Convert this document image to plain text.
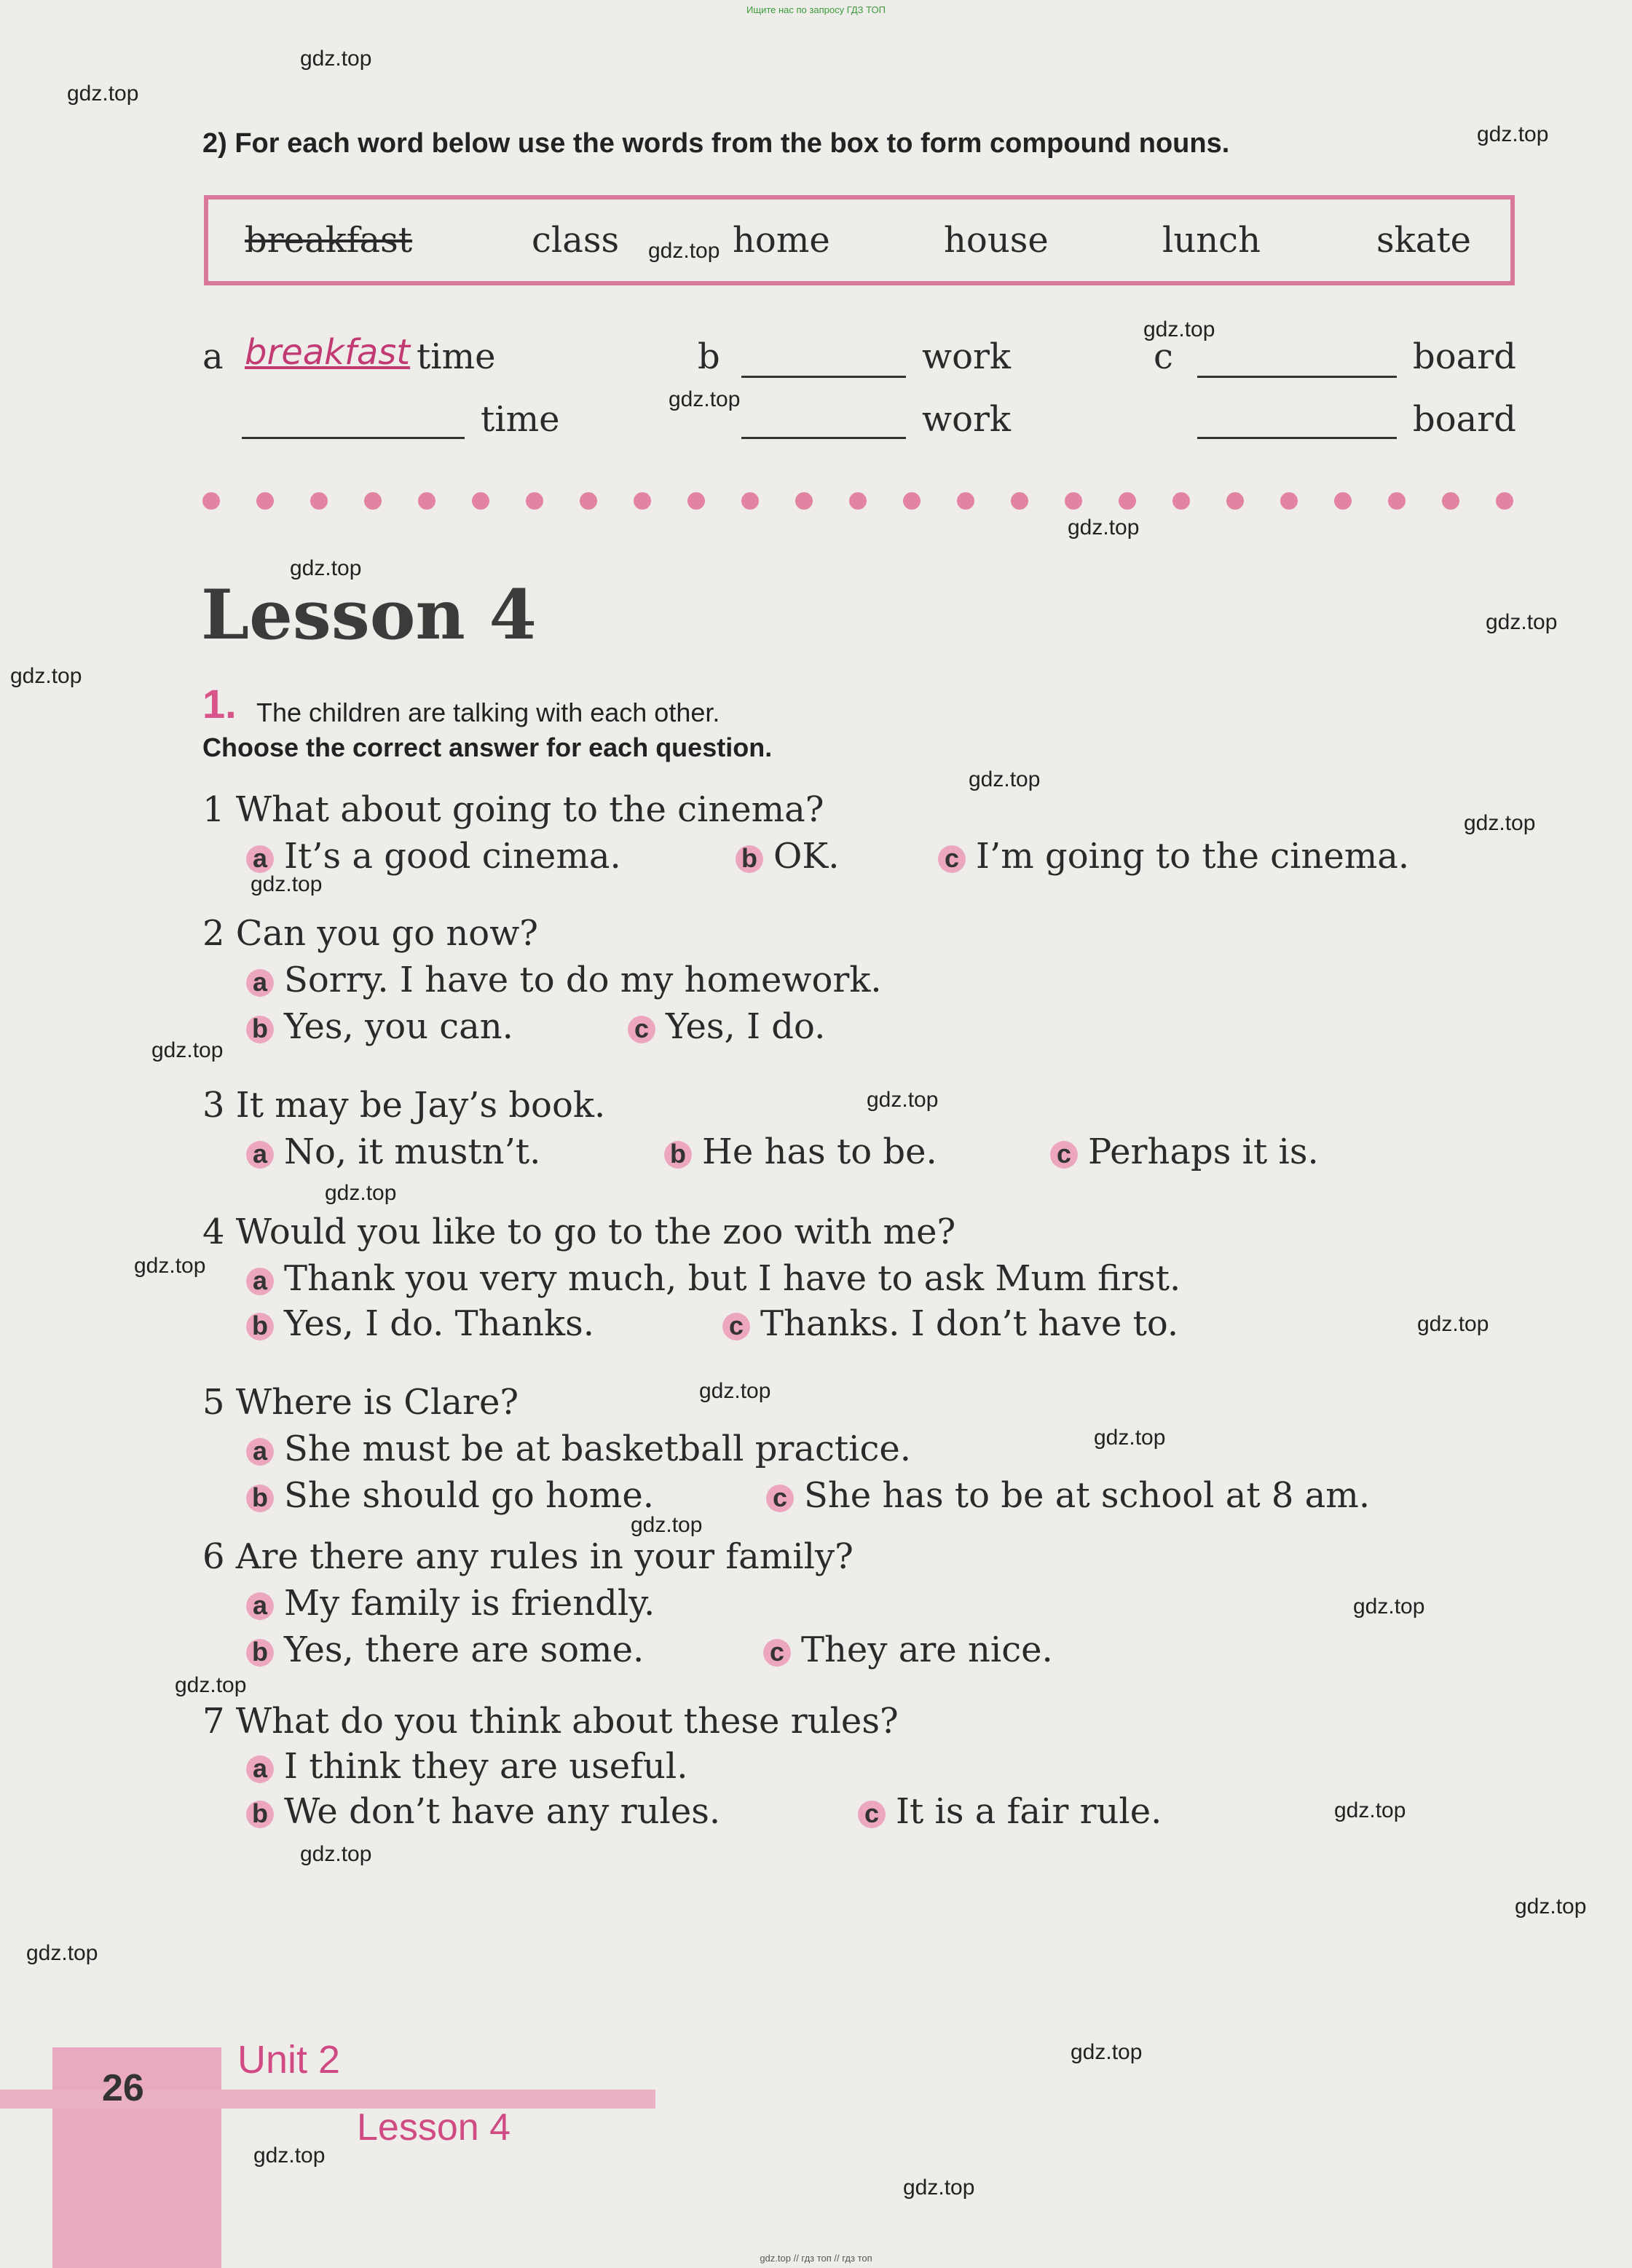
Ищите нас по запросу ГДЗ ТОП
2) For each word below use the words from the box to form compound nouns.
breakfast	class	home	house	lunch	skate
a breakfast time	b	work	c	board
time	work	board
Lesson 4
1. The children are talking with each other.
Choose the correct answer for each question.
1 What about going to the cinema?
a It’s a good cinema.	b OK.	c I’m going to the cinema.
2 Can you go now?
a Sorry. I have to do my homework.
b Yes, you can.	c Yes, I do.
3 It may be Jay’s book.
a No, it mustn’t.	b He has to be.	c Perhaps it is.
4 Would you like to go to the zoo with me?
a Thank you very much, but I have to ask Mum first.
b Yes, I do. Thanks.	c Thanks. I don’t have to.
5 Where is Clare?
a She must be at basketball practice.
b She should go home.	c She has to be at school at 8 am.
6 Are there any rules in your family?
a My family is friendly.
b Yes, there are some.	c They are nice.
7 What do you think about these rules?
a I think they are useful.
b We don’t have any rules.	c It is a fair rule.
gdz.top
gdz.top
gdz.top
gdz.top
gdz.top
gdz.top
gdz.top
gdz.top
gdz.top
gdz.top
gdz.top
gdz.top
gdz.top
gdz.top
gdz.top
gdz.top
gdz.top
gdz.top
gdz.top
gdz.top
gdz.top
gdz.top
gdz.top
gdz.top
gdz.top
gdz.top
gdz.top
gdz.top
gdz.top
gdz.top
26
Unit 2
Lesson 4
gdz.top // гдз топ // гдз топ
